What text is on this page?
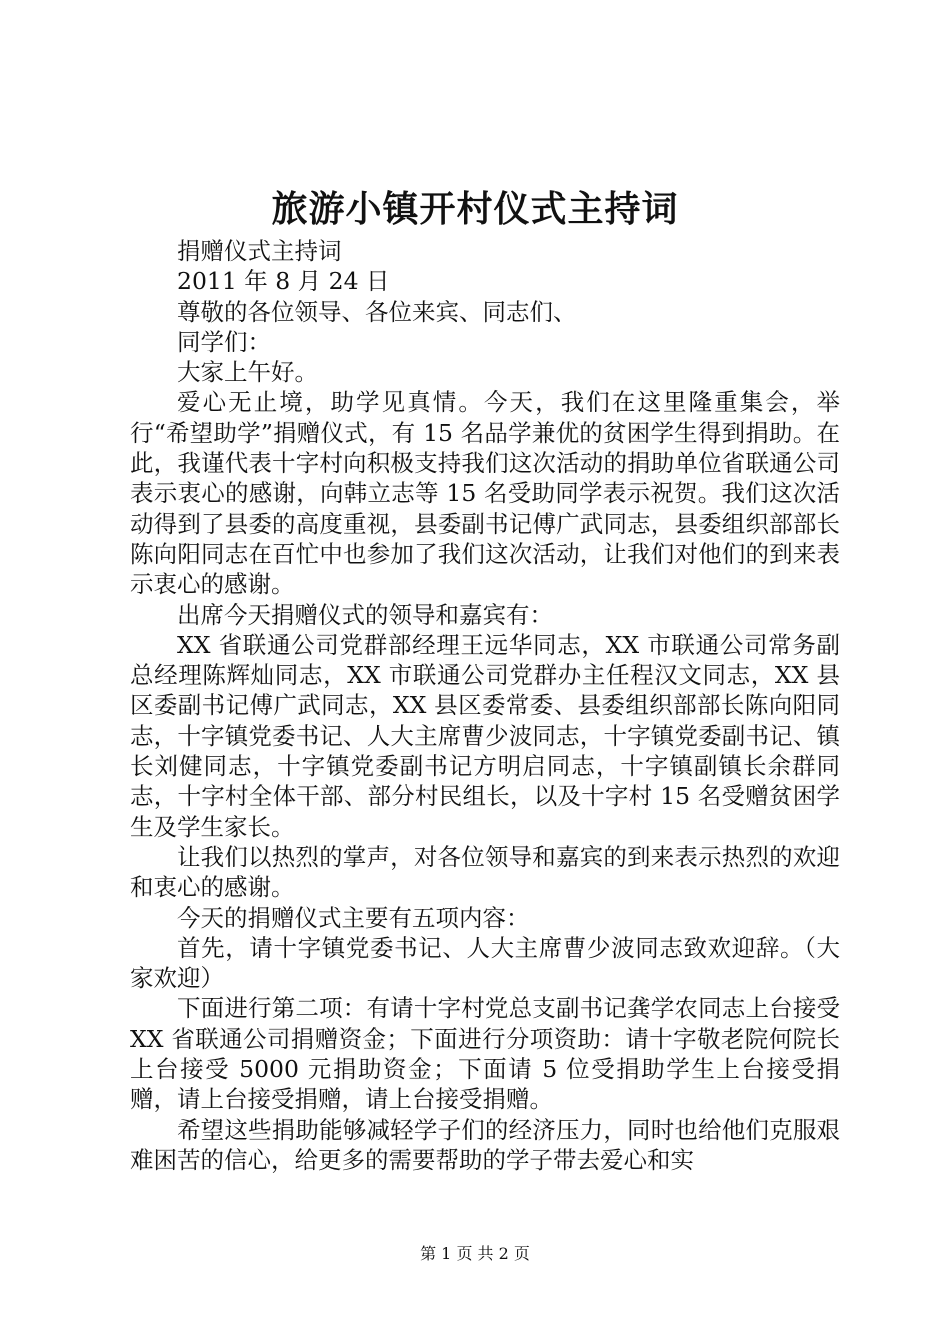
旅游小镇开村仪式主持词

捐赠仪式主持词

2011 年 8 月 24 日

尊敬的各位领导、各位来宾、同志们、

同学们：

大家上午好。

爱心无止境，助学见真情。今天，我们在这里隆重集会，举行“希望助学”捐赠仪式，有 15 名品学兼优的贫困学生得到捐助。在此，我谨代表十字村向积极支持我们这次活动的捐助单位省联通公司表示衷心的感谢，向韩立志等 15 名受助同学表示祝贺。我们这次活动得到了县委的高度重视，县委副书记傅广武同志，县委组织部部长陈向阳同志在百忙中也参加了我们这次活动，让我们对他们的到来表示衷心的感谢。

出席今天捐赠仪式的领导和嘉宾有：

XX 省联通公司党群部经理王远华同志，XX 市联通公司常务副总经理陈辉灿同志，XX 市联通公司党群办主任程汉文同志，XX 县区委副书记傅广武同志，XX 县区委常委、县委组织部部长陈向阳同志，十字镇党委书记、人大主席曹少波同志，十字镇党委副书记、镇长刘健同志，十字镇党委副书记方明启同志，十字镇副镇长余群同志，十字村全体干部、部分村民组长，以及十字村 15 名受赠贫困学生及学生家长。

让我们以热烈的掌声，对各位领导和嘉宾的到来表示热烈的欢迎和衷心的感谢。

今天的捐赠仪式主要有五项内容：

首先，请十字镇党委书记、人大主席曹少波同志致欢迎辞。（大家欢迎）

下面进行第二项：有请十字村党总支副书记龚学农同志上台接受 XX 省联通公司捐赠资金；下面进行分项资助：请十字敬老院何院长上台接受 5000 元捐助资金；下面请 5 位受捐助学生上台接受捐赠，请上台接受捐赠，请上台接受捐赠。

希望这些捐助能够减轻学子们的经济压力，同时也给他们克服艰难困苦的信心，给更多的需要帮助的学子带去爱心和实

第 1 页 共 2 页
